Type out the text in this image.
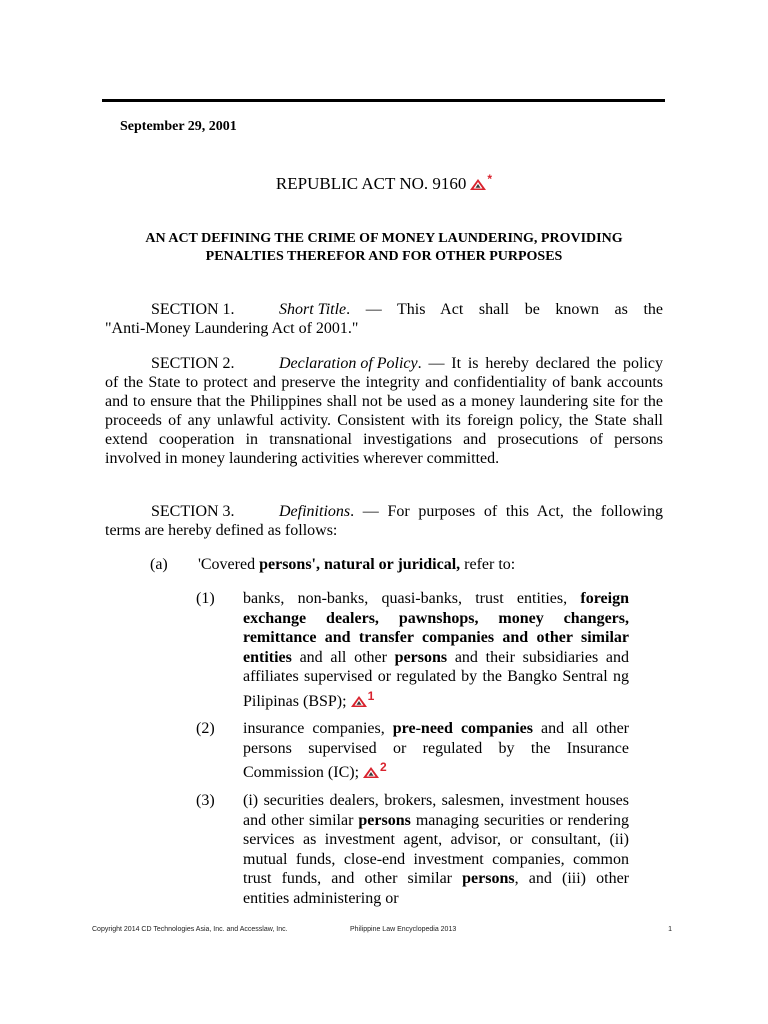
September 29, 2001
REPUBLIC ACT NO. 9160 *
AN ACT DEFINING THE CRIME OF MONEY LAUNDERING, PROVIDING
PENALTIES THEREFOR AND FOR OTHER PURPOSES
SECTION 1.	Short Title . — This Act shall be known as the
"Anti-Money Laundering Act of 2001."
SECTION 2.	Declaration of Policy . — It is hereby declared the policy
of the State to protect and preserve the integrity and confidentiality of bank accounts and to ensure that the Philippines shall not be used as a money laundering site for the proceeds of any unlawful activity. Consistent with its foreign policy, the State shall extend cooperation in transnational investigations and prosecutions of persons involved in money laundering activities wherever committed.
SECTION 3.	Definitions . — For purposes of this Act, the following
terms are hereby defined as follows:
(a) 'Covered persons', natural or juridical, refer to:
(1) banks, non-banks, quasi-banks, trust entities, foreign exchange dealers, pawnshops, money changers, remittance and transfer companies and other similar entities and all other persons and their subsidiaries and affiliates supervised or regulated by the Bangko Sentral ng Pilipinas (BSP); $^1$
(2) insurance companies, pre-need companies and all other persons supervised or regulated by the Insurance Commission (IC); $^2$
(3) (i) securities dealers, brokers, salesmen, investment houses and other similar persons managing securities or rendering services as investment agent, advisor, or consultant, (ii) mutual funds, close-end investment companies, common trust funds, and other similar persons, and (iii) other entities administering or
Copyright 2014 CD Technologies Asia, Inc. and Accesslaw, Inc.	Philippine Law Encyclopedia 2013	1
